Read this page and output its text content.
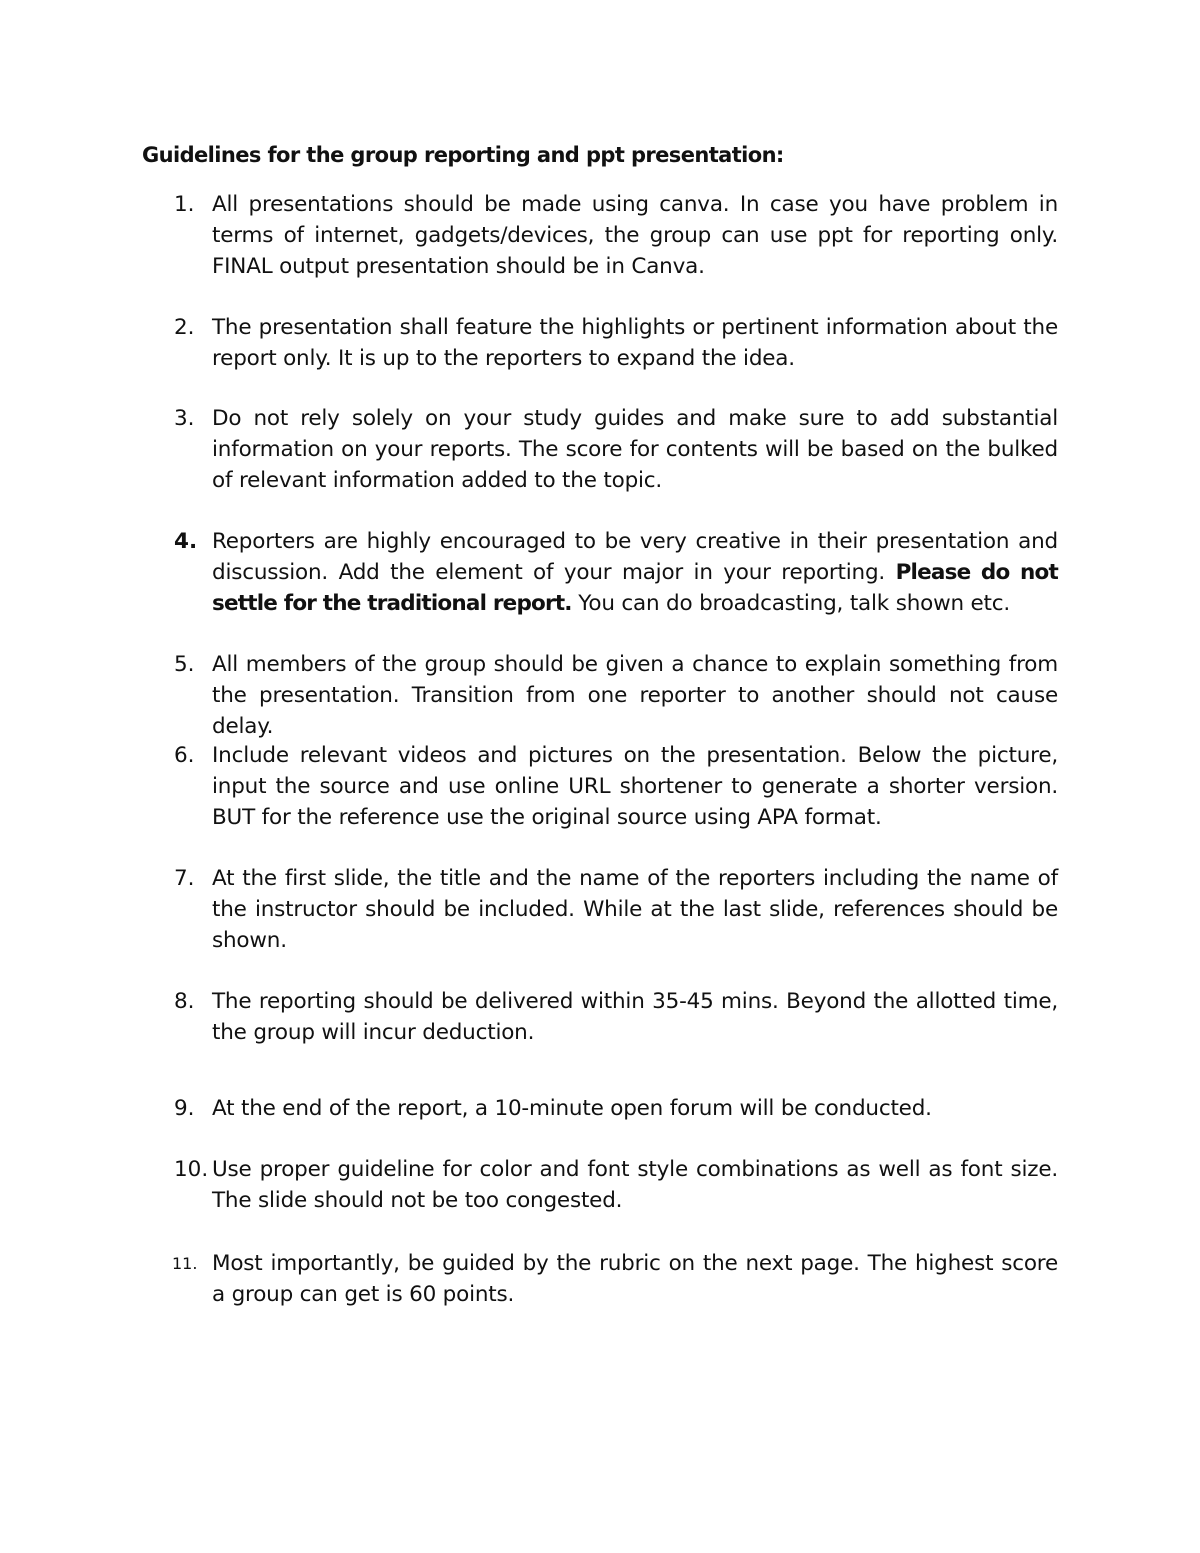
Guidelines for the group reporting and ppt presentation:
1. All presentations should be made using canva. In case you have problem in terms of internet, gadgets/devices, the group can use ppt for reporting only. FINAL output presentation should be in Canva.
2. The presentation shall feature the highlights or pertinent information about the report only. It is up to the reporters to expand the idea.
3. Do not rely solely on your study guides and make sure to add substantial information on your reports. The score for contents will be based on the bulked of relevant information added to the topic.
4. Reporters are highly encouraged to be very creative in their presentation and discussion. Add the element of your major in your reporting. Please do not settle for the traditional report. You can do broadcasting, talk shown etc.
5. All members of the group should be given a chance to explain something from the presentation. Transition from one reporter to another should not cause delay.
6. Include relevant videos and pictures on the presentation. Below the picture, input the source and use online URL shortener to generate a shorter version. BUT for the reference use the original source using APA format.
7. At the first slide, the title and the name of the reporters including the name of the instructor should be included. While at the last slide, references should be shown.
8. The reporting should be delivered within 35-45 mins. Beyond the allotted time, the group will incur deduction.
9. At the end of the report, a 10-minute open forum will be conducted.
10. Use proper guideline for color and font style combinations as well as font size. The slide should not be too congested.
11. Most importantly, be guided by the rubric on the next page. The highest score a group can get is 60 points.
